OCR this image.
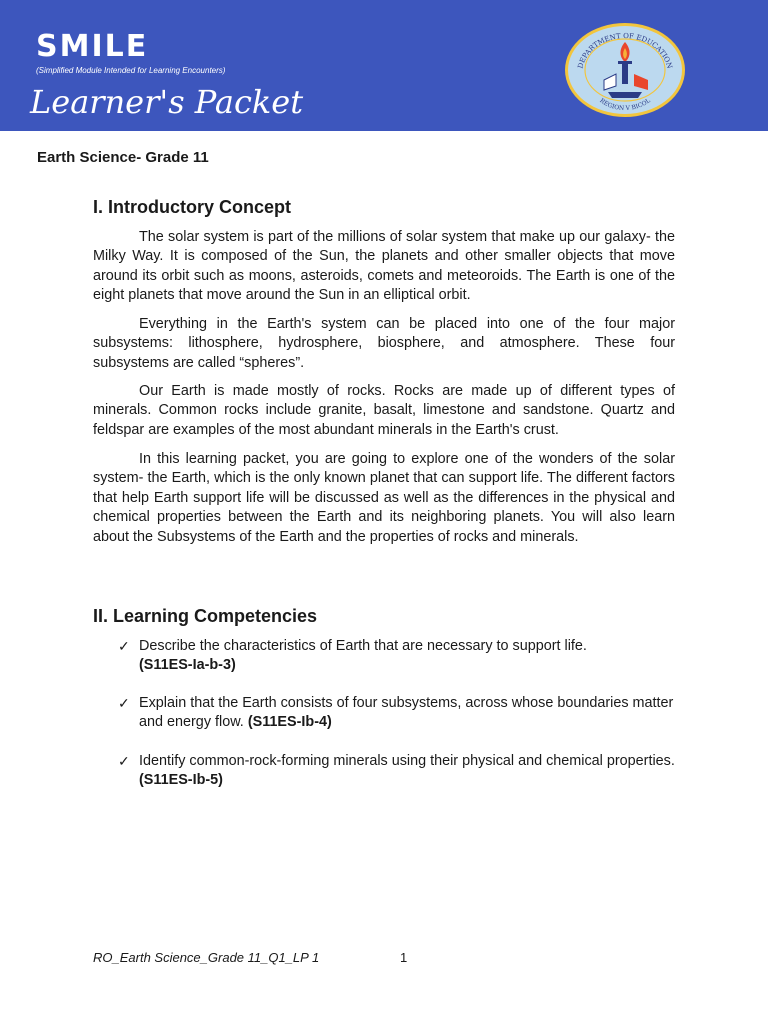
SMILE
(Simplified Module Intended for Learning Encounters)
Learner's Packet
DEPARTMENT OF EDUCATION
REGION V BICOL
Earth Science- Grade 11
I. Introductory Concept

The solar system is part of the millions of solar system that make up our galaxy- the Milky Way. It is composed of the Sun, the planets and other smaller objects that move around its orbit such as moons, asteroids, comets and meteoroids. The Earth is one of the eight planets that move around the Sun in an elliptical orbit.

Everything in the Earth's system can be placed into one of the four major subsystems: lithosphere, hydrosphere, biosphere, and atmosphere. These four subsystems are called “spheres”.

Our Earth is made mostly of rocks. Rocks are made up of different types of minerals. Common rocks include granite, basalt, limestone and sandstone. Quartz and feldspar are examples of the most abundant minerals in the Earth's crust.

In this learning packet, you are going to explore one of the wonders of the solar system- the Earth, which is the only known planet that can support life. The different factors that help Earth support life will be discussed as well as the differences in the physical and chemical properties between the Earth and its neighboring planets. You will also learn about the Subsystems of the Earth and the properties of rocks and minerals.

II. Learning Competencies
✓ Describe the characteristics of Earth that are necessary to support life.
(S11ES-Ia-b-3)
✓ Explain that the Earth consists of four subsystems, across whose boundaries matter and energy flow. (S11ES-Ib-4)
✓ Identify common-rock-forming minerals using their physical and chemical properties. (S11ES-Ib-5)
RO_Earth Science_Grade 11_Q1_LP 1	1
